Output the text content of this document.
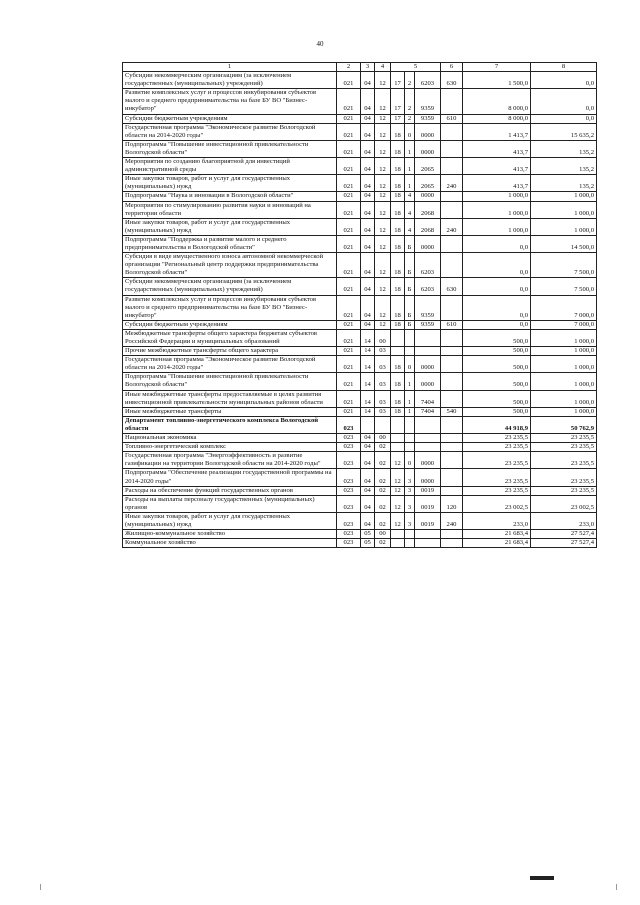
40
1	2	3	4	5			6	7	8
Субсидии некоммерческим организациям (за исключением государственных (муниципальных) учреждений)	021	04	12	17	2	6203	630	1 500,0	0,0
Развитие комплексных услуг и процессов инкубирования субъектов малого и среднего предпринимательства на базе БУ ВО "Бизнес-инкубатор"	021	04	12	17	2	9359		8 000,0	0,0
Субсидии бюджетным учреждениям	021	04	12	17	2	9359	610	8 000,0	0,0
Государственная программа "Экономическое развитие Вологодской области на 2014-2020 годы"	021	04	12	18	0	0000		1 413,7	15 635,2
Подпрограмма "Повышение инвестиционной привлекательности Вологодской области"	021	04	12	18	1	0000		413,7	135,2
Мероприятия по созданию благоприятной для инвестиций административной среды	021	04	12	18	1	2065		413,7	135,2
Иные закупки товаров, работ и услуг для государственных (муниципальных) нужд	021	04	12	18	1	2065	240	413,7	135,2
Подпрограмма "Наука и инновации в Вологодской области"	021	04	12	18	4	0000		1 000,0	1 000,0
Мероприятия по стимулированию развития науки и инноваций на территории области	021	04	12	18	4	2068		1 000,0	1 000,0
Иные закупки товаров, работ и услуг для государственных (муниципальных) нужд	021	04	12	18	4	2068	240	1 000,0	1 000,0
Подпрограмма "Поддержка и развитие малого и среднего предпринимательства в Вологодской области"	021	04	12	18	Б	0000		0,0	14 500,0
Субсидия в виде имущественного взноса автономной некоммерческой организации "Региональный центр поддержки предпринимательства Вологодской области"	021	04	12	18	Б	6203		0,0	7 500,0
Субсидии некоммерческим организациям (за исключением государственных (муниципальных) учреждений)	021	04	12	18	Б	6203	630	0,0	7 500,0
Развитие комплексных услуг и процессов инкубирования субъектов малого и среднего предпринимательства на базе БУ ВО "Бизнес-инкубатор"	021	04	12	18	Б	9359		0,0	7 000,0
Субсидии бюджетным учреждениям	021	04	12	18	Б	9359	610	0,0	7 000,0
Межбюджетные трансферты общего характера бюджетам субъектов Российской Федерации и муниципальных образований	021	14	00					500,0	1 000,0
Прочие межбюджетные трансферты общего характера	021	14	03					500,0	1 000,0
Государственная программа "Экономическое развитие Вологодской области на 2014-2020 годы"	021	14	03	18	0	0000		500,0	1 000,0
Подпрограмма "Повышение инвестиционной привлекательности Вологодской области"	021	14	03	18	1	0000		500,0	1 000,0
Иные межбюджетные трансферты предоставляемые в целях развития инвестиционной привлекательности муниципальных районов области	021	14	03	18	1	7404		500,0	1 000,0
Иные межбюджетные трансферты	021	14	03	18	1	7404	540	500,0	1 000,0
Департамент топливно-энергетического комплекса Вологодской области	023							44 918,9	50 762,9
Национальная экономика	023	04	00					23 235,5	23 235,5
Топливно-энергетический комплекс	023	04	02					23 235,5	23 235,5
Государственная программа "Энергоэффективность и развитие газификации на территории Вологодской области на 2014-2020 годы"	023	04	02	12	0	0000		23 235,5	23 235,5
Подпрограмма "Обеспечение реализации государственной программы на 2014-2020 годы"	023	04	02	12	3	0000		23 235,5	23 235,5
Расходы на обеспечение функций государственных органов	023	04	02	12	3	0019		23 235,5	23 235,5
Расходы на выплаты персоналу государственных (муниципальных) органов	023	04	02	12	3	0019	120	23 002,5	23 002,5
Иные закупки товаров, работ и услуг для государственных (муниципальных) нужд	023	04	02	12	3	0019	240	233,0	233,0
Жилищно-коммунальное хозяйство	023	05	00					21 683,4	27 527,4
Коммунальное хозяйство	023	05	02					21 683,4	27 527,4
